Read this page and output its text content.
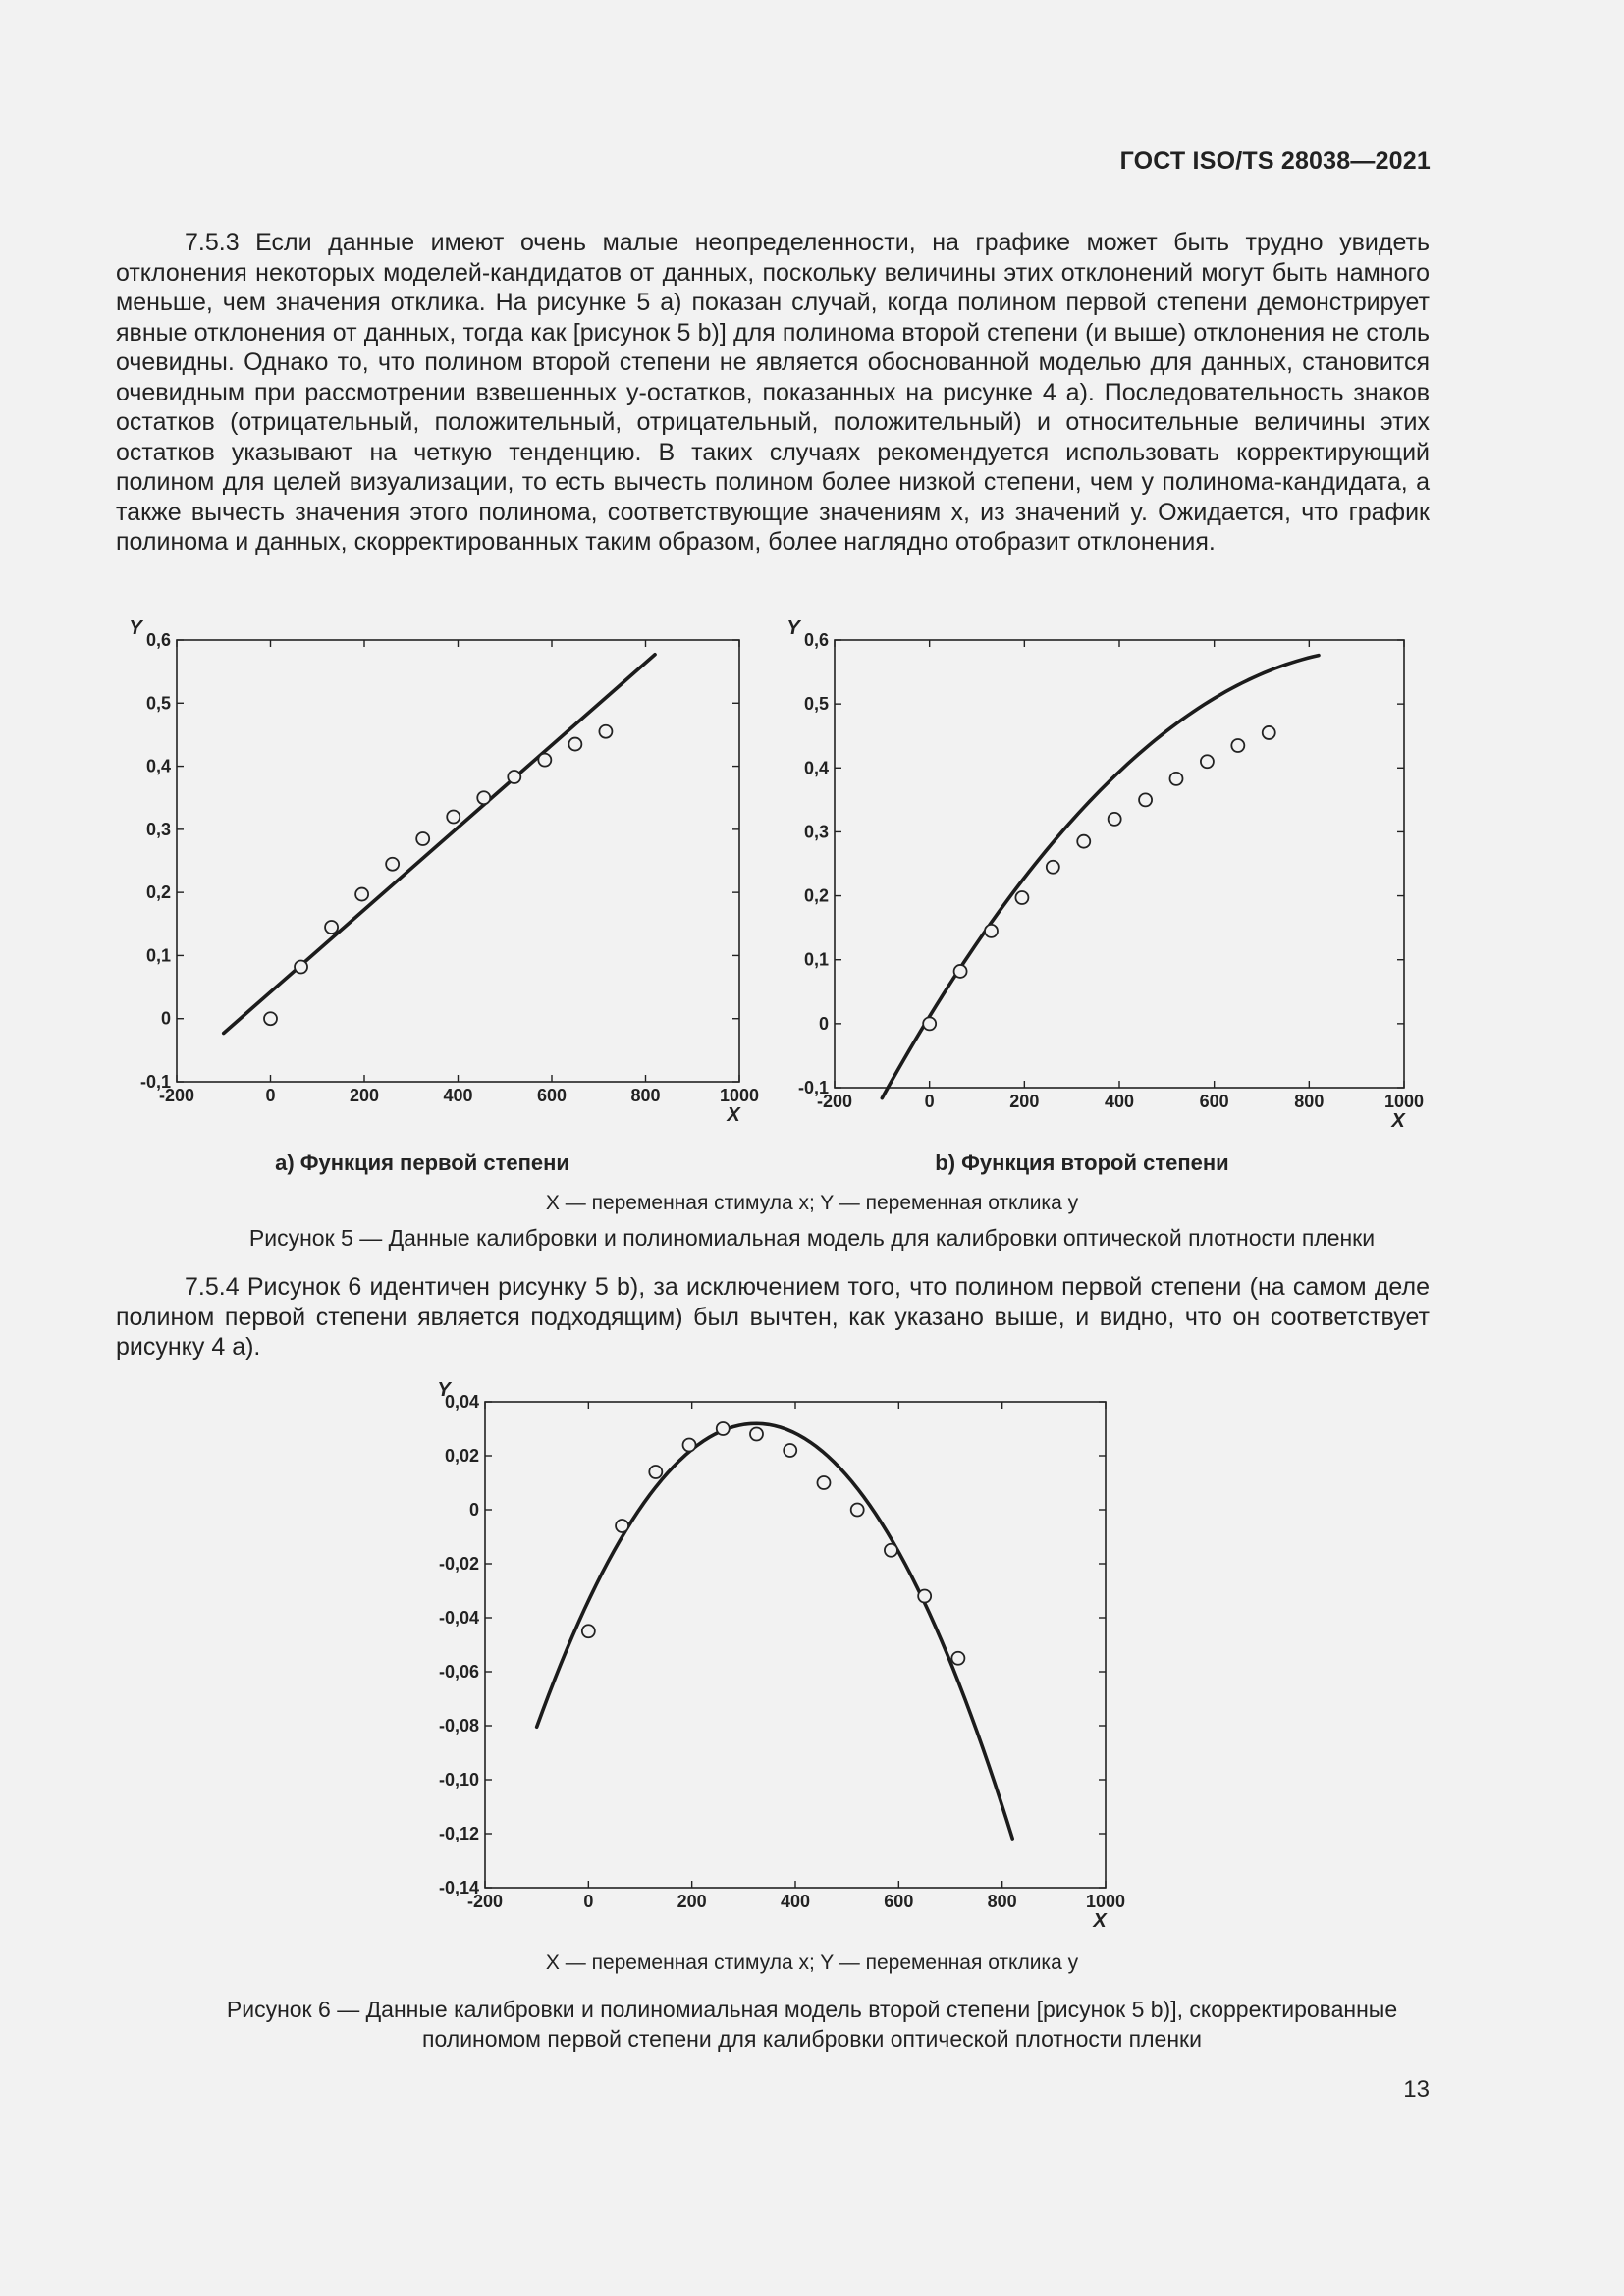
ГОСТ ISO/TS 28038—2021

7.5.3 Если данные имеют очень малые неопределенности, на графике может быть трудно увидеть отклонения некоторых моделей-кандидатов от данных, поскольку величины этих отклонений могут быть намного меньше, чем значения отклика. На рисунке 5 a) показан случай, когда полином первой степени демонстрирует явные отклонения от данных, тогда как [рисунок 5 b)] для полинома второй степени (и выше) отклонения не столь очевидны. Однако то, что полином второй степени не является обоснованной моделью для данных, становится очевидным при рассмотрении взвешенных y-остатков, показанных на рисунке 4 a). Последовательность знаков остатков (отрицательный, положительный, отрицательный, положительный) и относительные величины этих остатков указывают на четкую тенденцию. В таких случаях рекомендуется использовать корректирующий полином для целей визуализации, то есть вычесть полином более низкой степени, чем у полинома-кандидата, а также вычесть значения этого полинома, соответствующие значениям x, из значений y. Ожидается, что график полинома и данных, скорректированных таким образом, более наглядно отобразит отклонения.

-200	0	200	400	600	800	1000
-0,1
0
0,1
0,2
0,3
0,4
0,5
0,6
X
Y
-200	0	200	400	600	800	1000
-0,1
0
0,1
0,2
0,3
0,4
0,5
0,6
X
Y
a) Функция первой степени	b) Функция второй степени
X — переменная стимула x; Y — переменная отклика y
Рисунок 5 — Данные калибровки и полиномиальная модель для калибровки оптической плотности пленки

7.5.4 Рисунок 6 идентичен рисунку 5 b), за исключением того, что полином первой степени (на самом деле полином первой степени является подходящим) был вычтен, как указано выше, и видно, что он соответствует рисунку 4 a).

-200	0	200	400	600	800	1000
-0,14
-0,12
-0,10
-0,08
-0,06
-0,04
-0,02
0
0,02
0,04
X
Y
X — переменная стимула x; Y — переменная отклика y
Рисунок 6 — Данные калибровки и полиномиальная модель второй степени [рисунок 5 b)], скорректированные
полиномом первой степени для калибровки оптической плотности пленки
13
